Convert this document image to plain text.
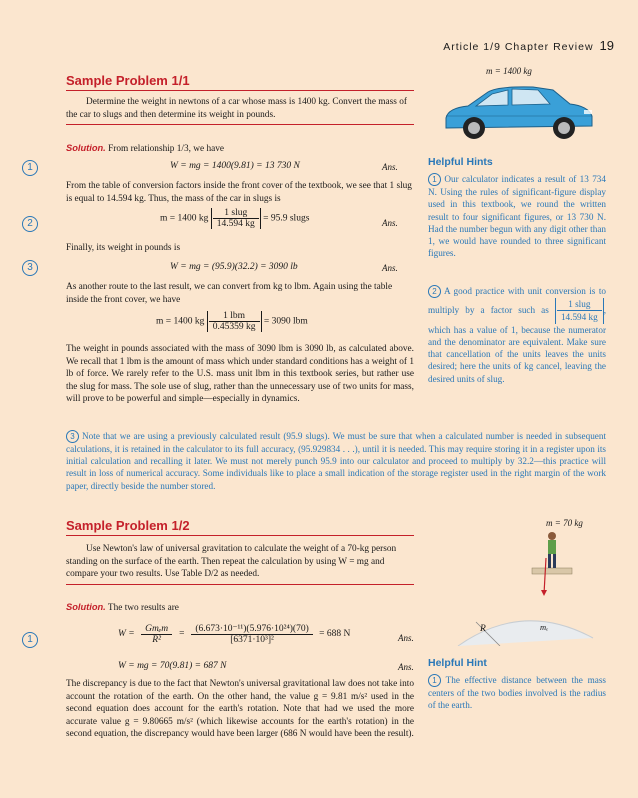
Article 1/9 Chapter Review 19
Sample Problem 1/1
Determine the weight in newtons of a car whose mass is 1400 kg. Convert the mass of the car to slugs and then determine its weight in pounds.
m = 1400 kg
Solution. From relationship 1/3, we have
1	W = mg = 1400(9.81) = 13 730 N	Ans.
From the table of conversion factors inside the front cover of the textbook, we see that 1 slug is equal to 14.594 kg. Thus, the mass of the car in slugs is
2	m = 1400 kg $\frac{\text{1 slug}}{14.594 kg} = 95.9$ slugs	Ans.
Finally, its weight in pounds is
3	W = mg = (95.9)(32.2) = 3090 lb	Ans.
As another route to the last result, we can convert from kg to lbm. Again using the table inside the front cover, we have
m = 1400 kg $\frac{\text{1 lbm}}{0.45359 kg} = 3090$ lbm
The weight in pounds associated with the mass of 3090 lbm is 3090 lb, as calculated above. We recall that 1 lbm is the amount of mass which under standard conditions has a weight of 1 lb of force. We rarely refer to the U.S. mass unit lbm in this textbook series, but rather use the slug for mass. The sole use of slug, rather than the unnecessary use of two units for mass, will prove to be powerful and simple—especially in dynamics.
Helpful Hints
1 Our calculator indicates a result of 13 734 N. Using the rules of significant-figure display used in this textbook, we round the written result to four significant figures, or 13 730 N. Had the number begun with any digit other than 1, we would have rounded to three significant figures.
2 A good practice with unit conversion is to multiply by a factor such as $\frac{\text{1 slug}}{14.594 kg}$ , which has a value of 1, because the numerator and the denominator are equivalent. Make sure that cancellation of the units leaves the units desired; here the units of kg cancel, leaving the desired units of slug.
3 Note that we are using a previously calculated result (95.9 slugs). We must be sure that when a calculated number is needed in subsequent calculations, it is retained in the calculator to its full accuracy, (95.929834 . . .), until it is needed. This may require storing it in a register upon its initial calculation and recalling it later. We must not merely punch 95.9 into our calculator and proceed to multiply by 32.2—this practice will result in loss of numerical accuracy. Some individuals like to place a small indication of the storage register used in the right margin of the work paper, directly beside the number stored.
Sample Problem 1/2
Use Newton's law of universal gravitation to calculate the weight of a 70-kg person standing on the surface of the earth. Then repeat the calculation by using W = mg and compare your two results. Use Table D/2 as needed.
m = 70 kg
R	mₑ
Solution. The two results are
1	$W = \frac{\text{Gmₑm}}{\text{R²}} = \frac{\text{(6.673·10⁻¹¹)(5.976·10²⁴)(70)}}{\text{[6371·10³]²}} = 688$ N	Ans.
W = mg = 70(9.81) = 687 N	Ans.
The discrepancy is due to the fact that Newton's universal gravitational law does not take into account the rotation of the earth. On the other hand, the value g = 9.81 m/s² used in the second equation does account for the earth's rotation. Note that had we used the more accurate value g = 9.80665 m/s² (which likewise accounts for the earth's rotation) in the second equation, the discrepancy would have been larger (686 N would have been the result).
Helpful Hint
1 The effective distance between the mass centers of the two bodies involved is the radius of the earth.
